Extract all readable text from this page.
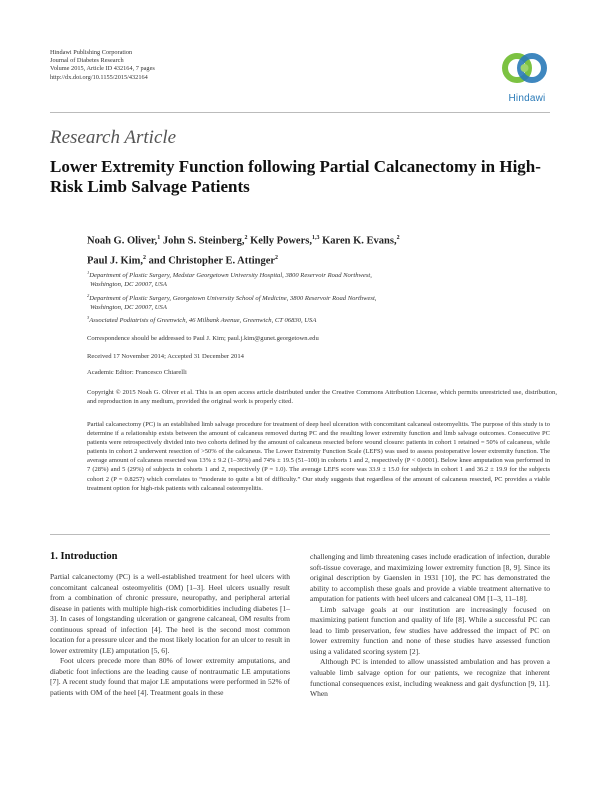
Hindawi Publishing Corporation
Journal of Diabetes Research
Volume 2015, Article ID 432164, 7 pages
http://dx.doi.org/10.1155/2015/432164
Hindawi
Research Article
Lower Extremity Function following Partial Calcanectomy in High-Risk Limb Salvage Patients
Noah G. Oliver,$^1$ John S. Steinberg,$^2$ Kelly Powers,$^{1,3}$ Karen K. Evans,$^2$
Paul J. Kim,$^2$ and Christopher E. Attinger$^2$
$^1$Department of Plastic Surgery, Medstar Georgetown University Hospital, 3800 Reservoir Road Northwest,
Washington, DC 20007, USA
$^2$Department of Plastic Surgery, Georgetown University School of Medicine, 3800 Reservoir Road Northwest,
Washington, DC 20007, USA
$^3$Associated Podiatrists of Greenwich, 46 Milbank Avenue, Greenwich, CT 06830, USA
Correspondence should be addressed to Paul J. Kim; paul.j.kim@gunet.georgetown.edu
Received 17 November 2014; Accepted 31 December 2014
Academic Editor: Francesco Chiarelli
Copyright © 2015 Noah G. Oliver et al. This is an open access article distributed under the Creative Commons Attribution License, which permits unrestricted use, distribution, and reproduction in any medium, provided the original work is properly cited.
Partial calcanectomy (PC) is an established limb salvage procedure for treatment of deep heel ulceration with concomitant calcaneal osteomyelitis. The purpose of this study is to determine if a relationship exists between the amount of calcaneus removed during PC and the resulting lower extremity function and limb salvage outcomes. Consecutive PC patients were retrospectively divided into two cohorts defined by the amount of calcaneus resected before wound closure: patients in cohort 1 retained = 50% of calcaneus, while patients in cohort 2 underwent resection of >50% of the calcaneus. The Lower Extremity Function Scale (LEFS) was used to assess postoperative lower extremity function. The average amount of calcaneus resected was 13% ± 9.2 (1–39%) and 74% ± 19.5 (51–100) in cohorts 1 and 2, respectively (P < 0.0001). Below knee amputation was performed in 7 (28%) and 5 (29%) of subjects in cohorts 1 and 2, respectively (P = 1.0). The average LEFS score was 33.9 ± 15.0 for subjects in cohort 1 and 36.2 ± 19.9 for the subjects cohort 2 (P = 0.8257) which correlates to “moderate to quite a bit of difficulty.” Our study suggests that regardless of the amount of calcaneus resected, PC provides a viable treatment option for high-risk patients with calcaneal osteomyelitis.
1. Introduction

Partial calcanectomy (PC) is a well-established treatment for heel ulcers with concomitant calcaneal osteomyelitis (OM) [1–3]. Heel ulcers usually result from a combination of chronic pressure, neuropathy, and peripheral arterial disease in patients with multiple high-risk comorbidities including diabetes [1–3]. In cases of longstanding ulceration or gangrene calcaneal, OM results from continuous spread of infection [4]. The heel is the second most common location for a pressure ulcer and the most likely location for an ulcer to result in lower extremity (LE) amputation [5, 6].

Foot ulcers precede more than 80% of lower extremity amputations, and diabetic foot infections are the leading cause of nontraumatic LE amputations [7]. A recent study found that major LE amputations were performed in 52% of patients with OM of the heel [4]. Treatment goals in these

challenging and limb threatening cases include eradication of infection, durable soft-tissue coverage, and maximizing lower extremity function [8, 9]. Since its original description by Gaenslen in 1931 [10], the PC has demonstrated the ability to accomplish these goals and provide a viable treatment alternative to amputation for patients with heel ulcers and calcaneal OM [1–3, 11–18].

Limb salvage goals at our institution are increasingly focused on maximizing patient function and quality of life [8]. While a successful PC can lead to limb preservation, few studies have addressed the impact of PC on lower extremity function and none of these studies have assessed function using a validated scoring system [2].

Although PC is intended to allow unassisted ambulation and has proven a valuable limb salvage option for our patients, we recognize that inherent functional consequences exist, including weakness and gait dysfunction [9, 11]. When
